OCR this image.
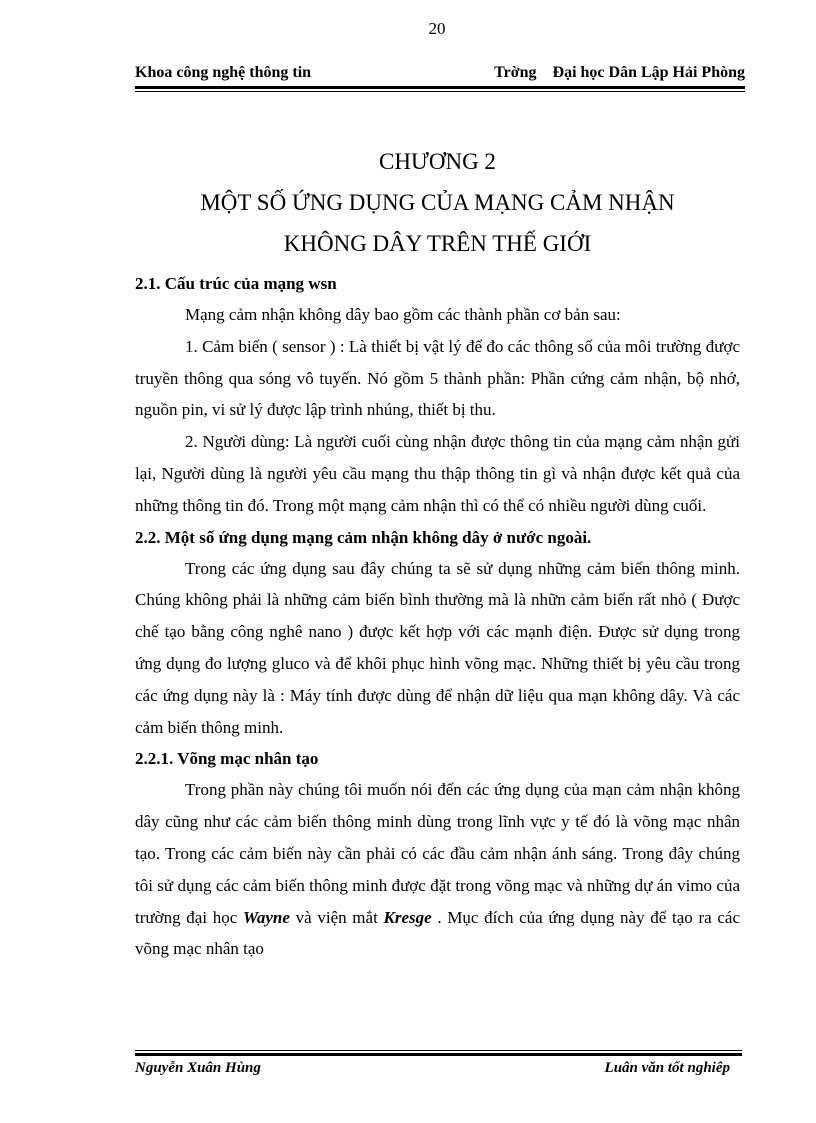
20
Khoa công nghệ thông tin	Trờng Đại học Dân Lập Hải Phòng
CHƯƠNG 2
MỘT SỐ ỨNG DỤNG CỦA MẠNG CẢM NHẬN
KHÔNG DÂY TRÊN THẾ GIỚI
2.1. Cấu trúc của mạng wsn

Mạng cảm nhận không dây bao gồm các thành phần cơ bản sau:

1. Cảm biến ( sensor ) : Là thiết bị vật lý để đo các thông số của môi trường được truyền thông qua sóng vô tuyến. Nó gồm 5 thành phần: Phần cứng cảm nhận, bộ nhớ, nguồn pin, vi sử lý được lập trình nhúng, thiết bị thu.

2. Người dùng: Là người cuối cùng nhận được thông tin của mạng cảm nhận gửi lại, Người dùng là người yêu cầu mạng thu thập thông tin gì và nhận được kết quả của những thông tin đó. Trong một mạng cảm nhận thì có thể có nhiều người dùng cuối.

2.2. Một số ứng dụng mạng cảm nhận không dây ở nước ngoài.

Trong các ứng dụng sau đây chúng ta sẽ sử dụng những cảm biến thông minh. Chúng không phải là những cảm biến bình thường mà là nhữn cảm biến rất nhỏ ( Được chế tạo bằng công nghê nano ) được kết hợp với các mạnh điện. Được sử dụng trong ứng dụng đo lượng gluco và để khôi phục hình võng mạc. Những thiết bị yêu cầu trong các ứng dụng này là : Máy tính được dùng để nhận dữ liệu qua mạn không dây. Và các cảm biến thông minh.

2.2.1. Võng mạc nhân tạo

Trong phần này chúng tôi muốn nói đến các ứng dụng của mạn cảm nhận không dây cũng như các cảm biến thông minh dùng trong lĩnh vực y tế đó là võng mạc nhân tạo. Trong các cảm biến này cần phải có các đầu cảm nhận ánh sáng. Trong đây chúng tôi sử dụng các cảm biến thông minh được đặt trong võng mạc và những dự án vimo của trường đại học Wayne và viện mắt Kresge . Mục đích của ứng dụng này để tạo ra các võng mạc nhân tạo

Nguyễn Xuân Hùng	Luân văn tốt nghiêp
